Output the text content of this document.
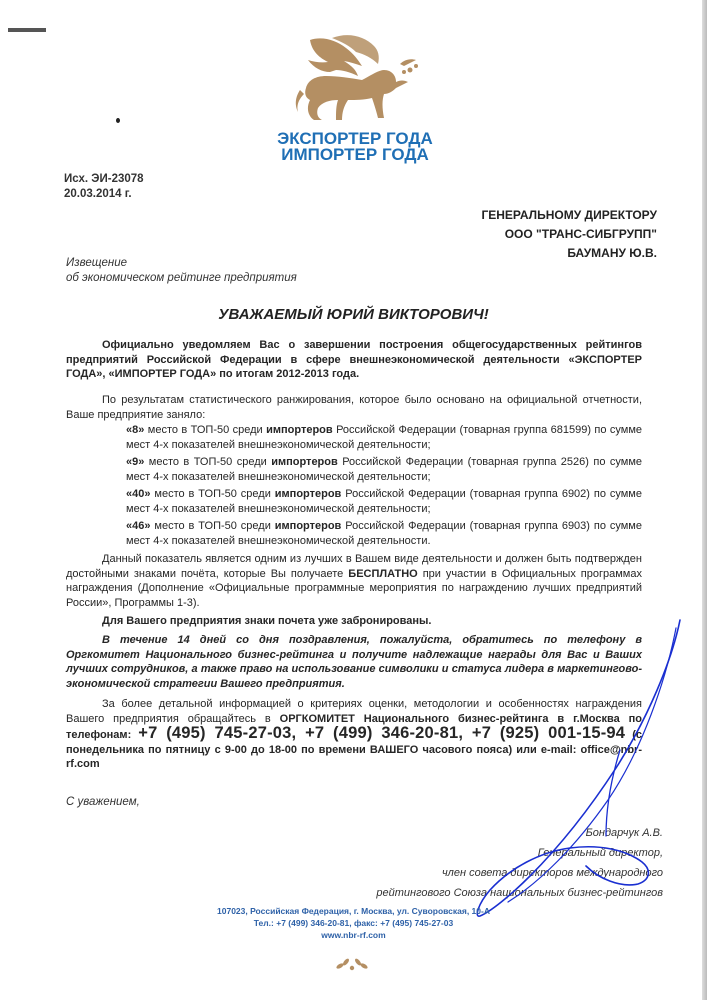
ЭКСПОРТЕР ГОДА
ИМПОРТЕР ГОДА
Исх. ЭИ-23078
20.03.2014 г.
ГЕНЕРАЛЬНОМУ ДИРЕКТОРУ
ООО "ТРАНС-СИБГРУПП"
БАУМАНУ Ю.В.
Извещение
об экономическом рейтинге предприятия
УВАЖАЕМЫЙ ЮРИЙ ВИКТОРОВИЧ!

Официально уведомляем Вас о завершении построения общегосударственных рейтингов предприятий Российской Федерации в сфере внешнеэкономической деятельности «ЭКСПОРТЕР ГОДА», «ИМПОРТЕР ГОДА» по итогам 2012-2013 года.

По результатам статистического ранжирования, которое было основано на официальной отчетности, Ваше предприятие заняло:

«8» место в ТОП-50 среди импортеров Российской Федерации (товарная группа 681599) по сумме мест 4-х показателей внешнеэкономической деятельности;

«9» место в ТОП-50 среди импортеров Российской Федерации (товарная группа 2526) по сумме мест 4-х показателей внешнеэкономической деятельности;

«40» место в ТОП-50 среди импортеров Российской Федерации (товарная группа 6902) по сумме мест 4-х показателей внешнеэкономической деятельности;

«46» место в ТОП-50 среди импортеров Российской Федерации (товарная группа 6903) по сумме мест 4-х показателей внешнеэкономической деятельности.

Данный показатель является одним из лучших в Вашем виде деятельности и должен быть подтвержден достойными знаками почёта, которые Вы получаете БЕСПЛАТНО при участии в Официальных программах награждения (Дополнение «Официальные программные мероприятия по награждению лучших предприятий России», Программы 1-3).

Для Вашего предприятия знаки почета уже забронированы.

В течение 14 дней со дня поздравления, пожалуйста, обратитесь по телефону в Оргкомитет Национального бизнес-рейтинга и получите надлежащие награды для Вас и Ваших лучших сотрудников, а также право на использование символики и статуса лидера в маркетингово-экономической стратегии Вашего предприятия.

За более детальной информацией о критериях оценки, методологии и особенностях награждения Вашего предприятия обращайтесь в ОРГКОМИТЕТ Национального бизнес-рейтинга в г.Москва по телефонам: +7 (495) 745-27-03, +7 (499) 346-20-81, +7 (925) 001-15-94 (с понедельника по пятницу с 9-00 до 18-00 по времени ВАШЕГО часового пояса) или e-mail: office@nbr-rf.com

С уважением,
Бондарчук А.В.
Генеральный директор,
член совета директоров международного
рейтингового Союза национальных бизнес-рейтингов
107023, Российская Федерация, г. Москва, ул. Суворовская, 10-А
Тел.: +7 (499) 346-20-81, факс: +7 (495) 745-27-03
www.nbr-rf.com
